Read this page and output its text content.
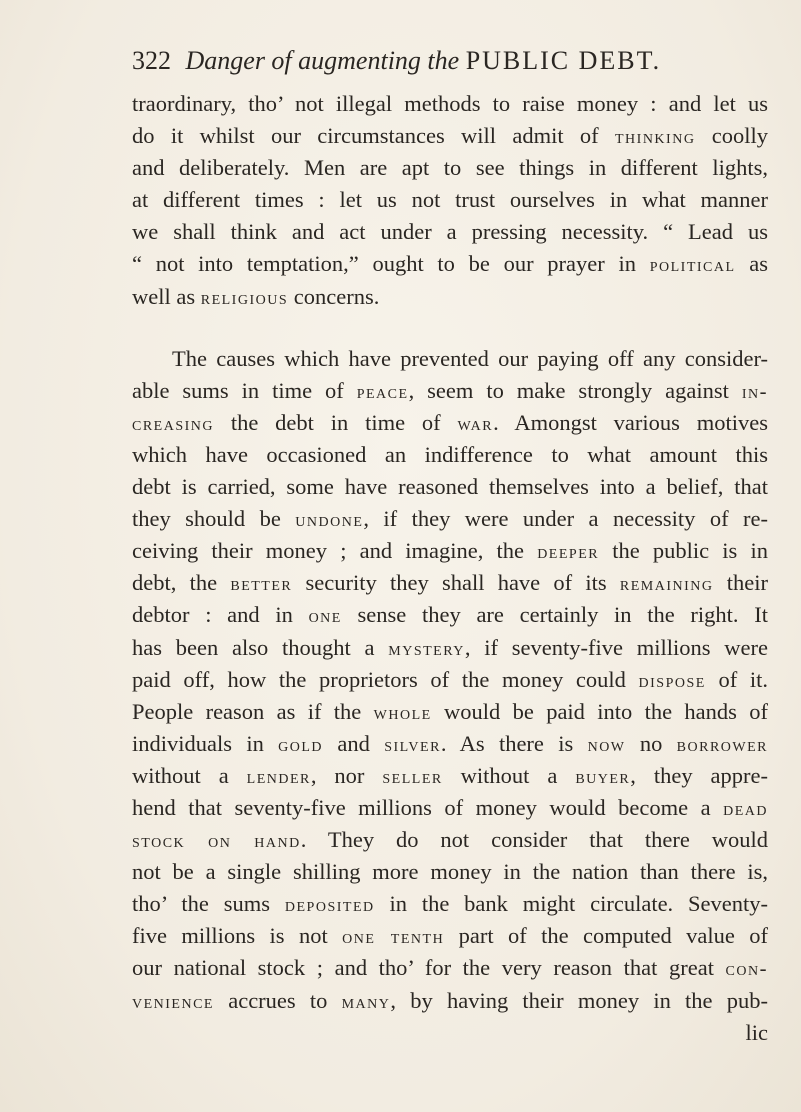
322 Danger of augmenting the PUBLIC DEBT.
traordinary, tho’ not illegal methods to raise money : and let us
do it whilst our circumstances will admit of thinking coolly
and deliberately. Men are apt to see things in different lights,
at different times : let us not trust ourselves in what manner
we shall think and act under a pressing necessity. “ Lead us
“ not into temptation,” ought to be our prayer in political as
well as religious concerns.
The causes which have prevented our paying off any consider-
able sums in time of peace, seem to make strongly against in-
creasing the debt in time of war. Amongst various motives
which have occasioned an indifference to what amount this
debt is carried, some have reasoned themselves into a belief, that
they should be undone, if they were under a necessity of re-
ceiving their money ; and imagine, the deeper the public is in
debt, the better security they shall have of its remaining their
debtor : and in one sense they are certainly in the right. It
has been also thought a mystery, if seventy-five millions were
paid off, how the proprietors of the money could dispose of it.
People reason as if the whole would be paid into the hands of
individuals in gold and silver. As there is now no borrower
without a lender, nor seller without a buyer, they appre-
hend that seventy-five millions of money would become a dead
stock on hand. They do not consider that there would
not be a single shilling more money in the nation than there is,
tho’ the sums deposited in the bank might circulate. Seventy-
five millions is not one tenth part of the computed value of
our national stock ; and tho’ for the very reason that great con-
venience accrues to many, by having their money in the pub-
lic
